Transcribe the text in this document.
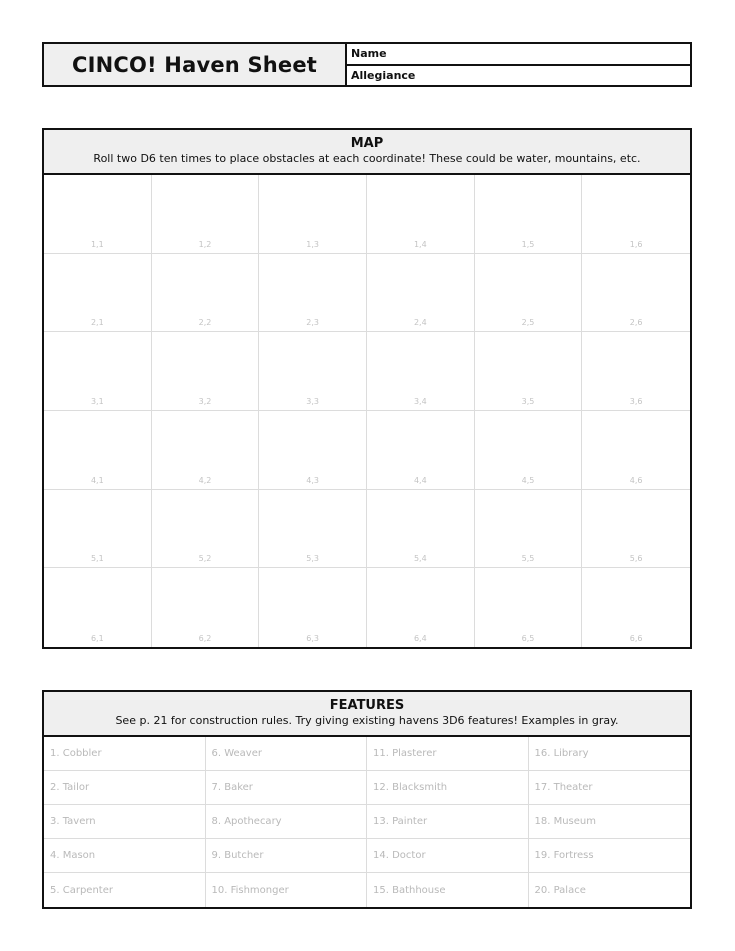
CINCO! Haven Sheet	Name
Allegiance
MAP
Roll two D6 ten times to place obstacles at each coordinate! These could be water, mountains, etc.
1,1	1,2	1,3	1,4	1,5	1,6
2,1	2,2	2,3	2,4	2,5	2,6
3,1	3,2	3,3	3,4	3,5	3,6
4,1	4,2	4,3	4,4	4,5	4,6
5,1	5,2	5,3	5,4	5,5	5,6
6,1	6,2	6,3	6,4	6,5	6,6
FEATURES
See p. 21 for construction rules. Try giving existing havens 3D6 features! Examples in gray.
1. Cobbler	6. Weaver	11. Plasterer	16. Library
2. Tailor	7. Baker	12. Blacksmith	17. Theater
3. Tavern	8. Apothecary	13. Painter	18. Museum
4. Mason	9. Butcher	14. Doctor	19. Fortress
5. Carpenter	10. Fishmonger	15. Bathhouse	20. Palace
